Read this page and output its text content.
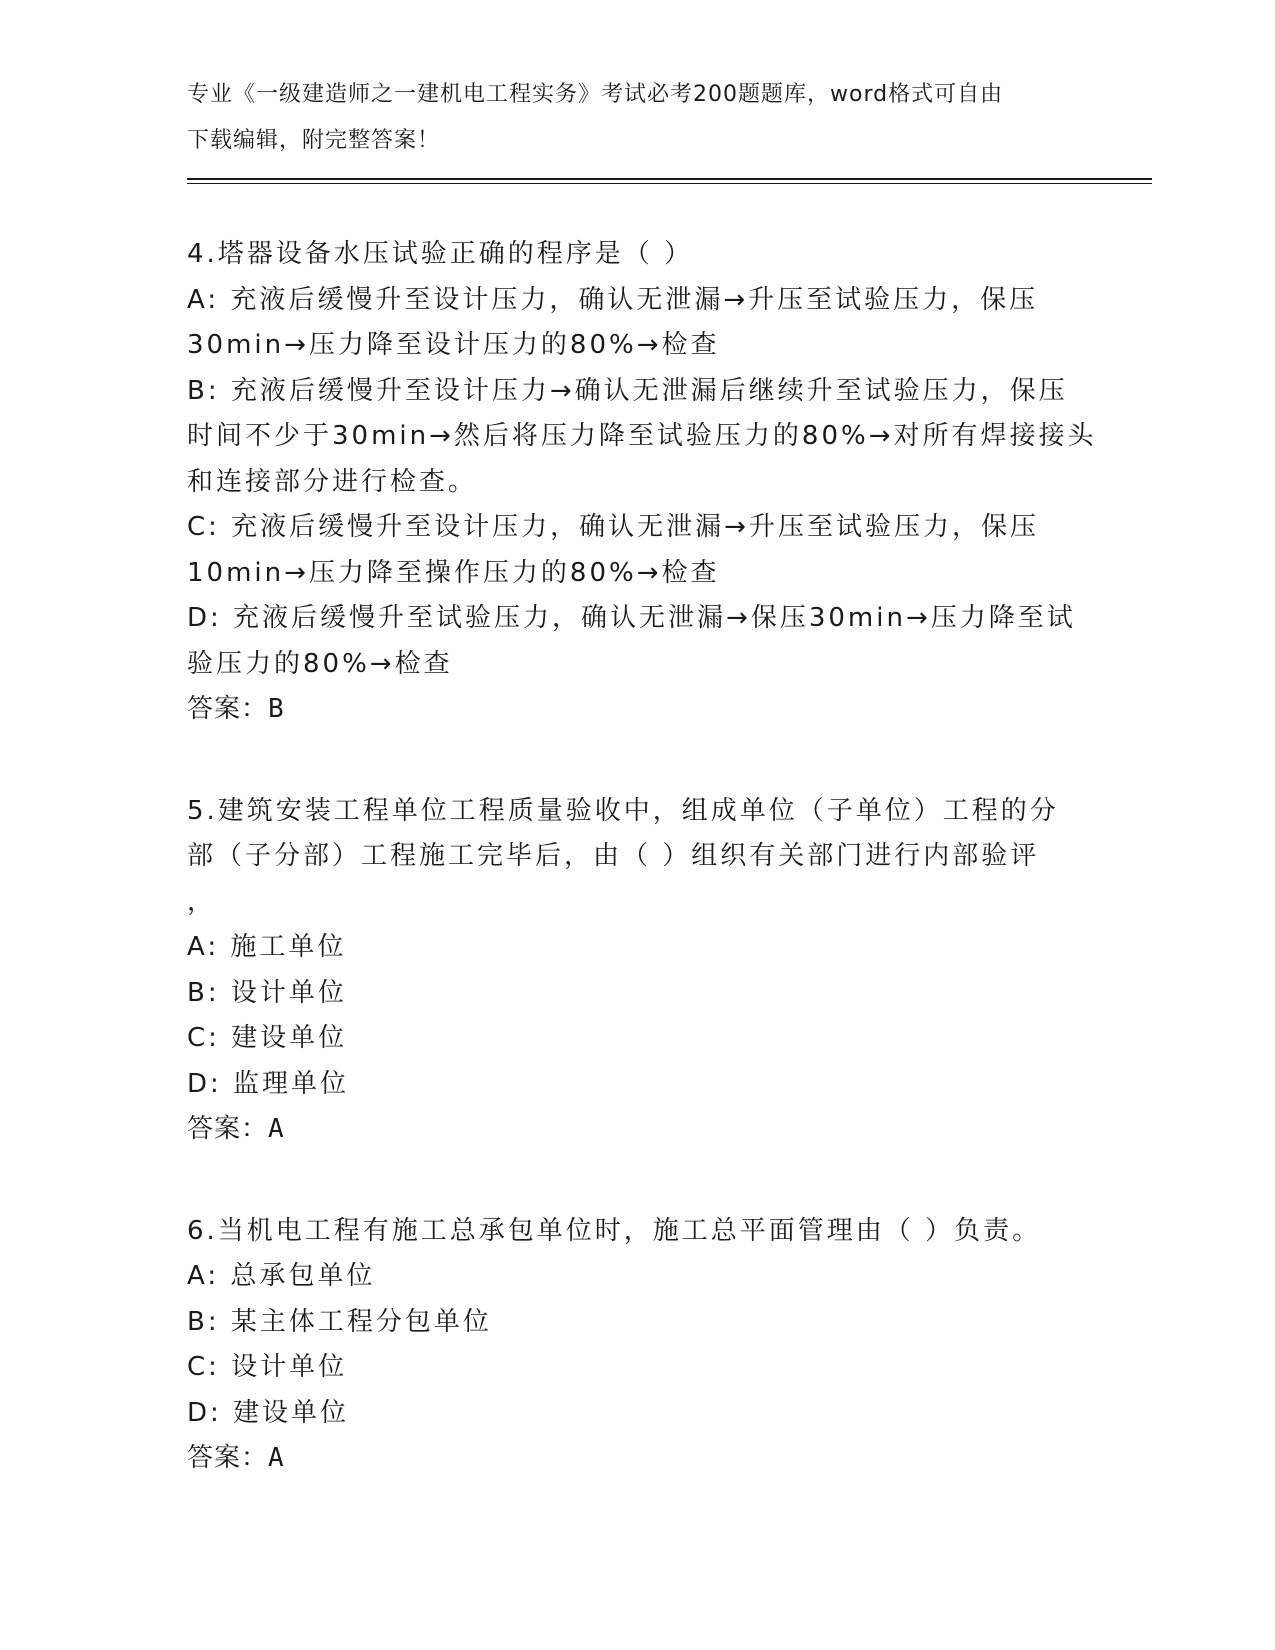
专业《一级建造师之一建机电工程实务》考试必考200题题库，word格式可自由
下载编辑，附完整答案！
4.塔器设备水压试验正确的程序是（ ）
A: 充液后缓慢升至设计压力，确认无泄漏→升压至试验压力，保压
30min→压力降至设计压力的80%→检查
B: 充液后缓慢升至设计压力→确认无泄漏后继续升至试验压力，保压
时间不少于30min→然后将压力降至试验压力的80%→对所有焊接接头
和连接部分进行检查。
C: 充液后缓慢升至设计压力，确认无泄漏→升压至试验压力，保压
10min→压力降至操作压力的80%→检查
D: 充液后缓慢升至试验压力，确认无泄漏→保压30min→压力降至试
验压力的80%→检查
答案：B
5.建筑安装工程单位工程质量验收中，组成单位（子单位）工程的分
部（子分部）工程施工完毕后，由（ ）组织有关部门进行内部验评
，
A: 施工单位
B: 设计单位
C: 建设单位
D: 监理单位
答案：A
6.当机电工程有施工总承包单位时，施工总平面管理由（ ）负责。
A: 总承包单位
B: 某主体工程分包单位
C: 设计单位
D: 建设单位
答案：A
